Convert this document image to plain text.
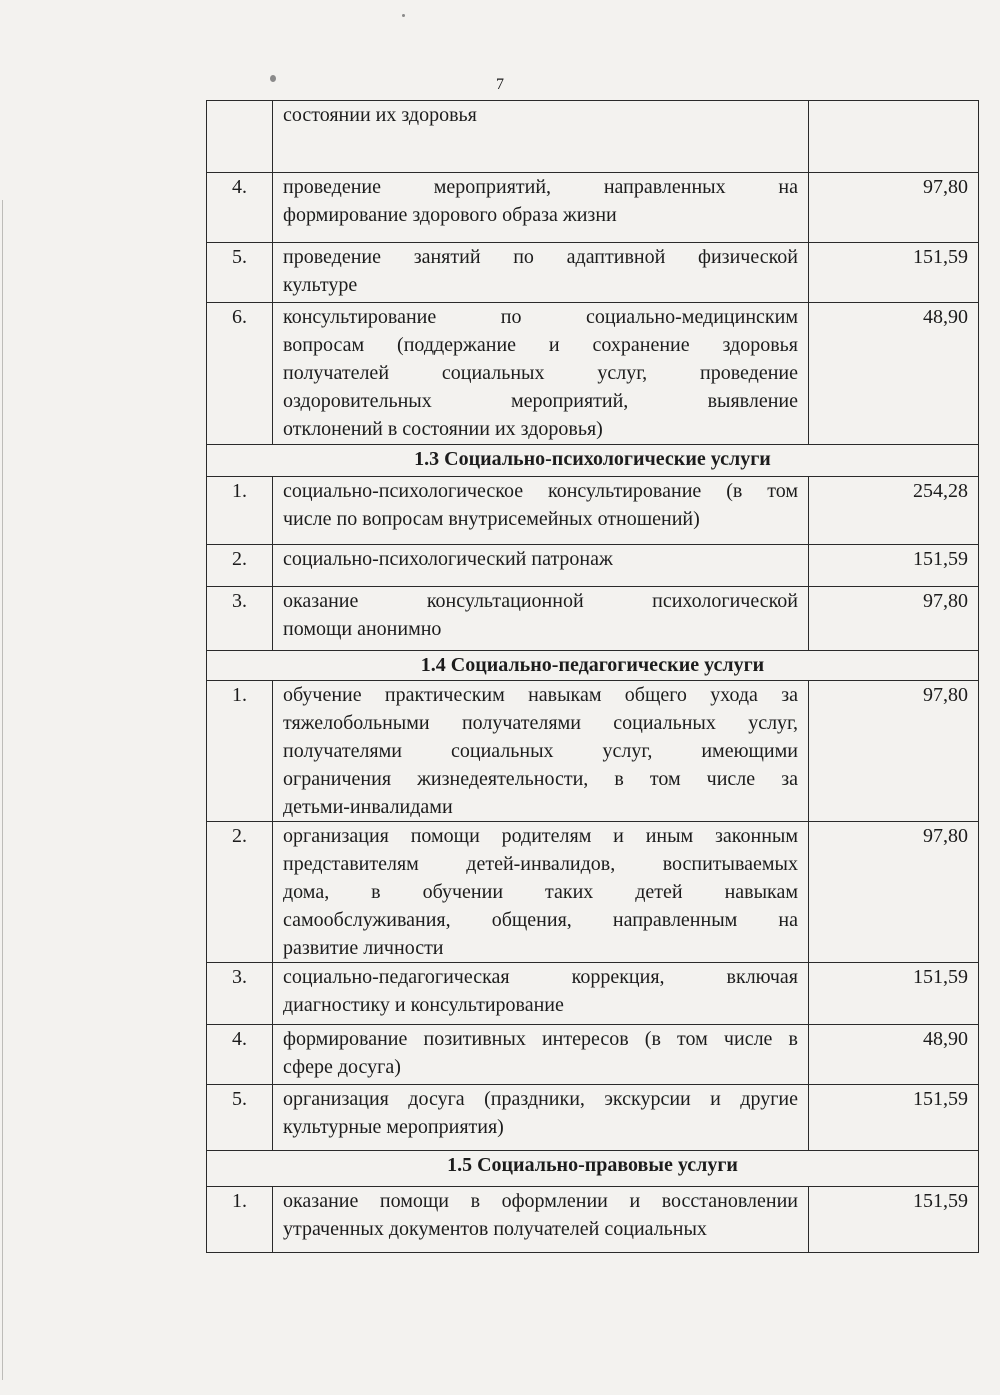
7

	состоянии их здоровья	

4.	проведение мероприятий, направленных на
формирование здорового образа жизни	97,80
5.	проведение занятий по адаптивной физической
культуре	151,59
6.	консультирование по социально-медицинским
вопросам (поддержание и сохранение здоровья
получателей социальных услуг, проведение
оздоровительных мероприятий, выявление
отклонений в состоянии их здоровья)	48,90
1.3 Социально-психологические услуги		
1.	социально-психологическое консультирование (в том
числе по вопросам внутрисемейных отношений)	254,28
2.	социально-психологический патронаж	151,59
3.	оказание консультационной психологической
помощи анонимно	97,80
1.4 Социально-педагогические услуги		
1.	обучение практическим навыкам общего ухода за
тяжелобольными получателями социальных услуг,
получателями социальных услуг, имеющими
ограничения жизнедеятельности, в том числе за
детьми-инвалидами	97,80
2.	организация помощи родителям и иным законным
представителям детей-инвалидов, воспитываемых
дома, в обучении таких детей навыкам
самообслуживания, общения, направленным на
развитие личности	97,80
3.	социально-педагогическая коррекция, включая
диагностику и консультирование	151,59
4.	формирование позитивных интересов (в том числе в
сфере досуга)	48,90
5.	организация досуга (праздники, экскурсии и другие
культурные мероприятия)	151,59
1.5 Социально-правовые услуги		
1.	оказание помощи в оформлении и восстановлении
утраченных документов получателей социальных	151,59
